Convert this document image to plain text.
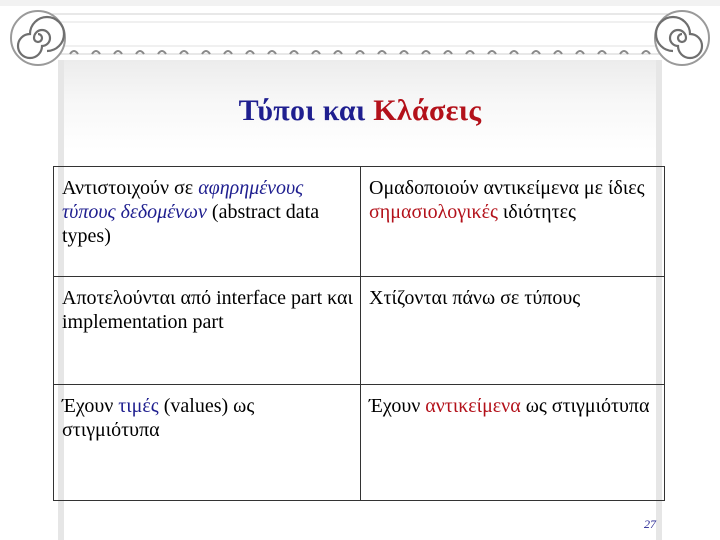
Τύποι και Κλάσεις
Αντιστοιχούν σε αφηρημένους τύπους δεδομένων (abstract data types)	Ομαδοποιούν αντικείμενα με ίδιες σημασιολογικές ιδιότητες
Αποτελούνται από interface part και implementation part	Χτίζονται πάνω σε τύπους
Έχουν τιμές (values) ως στιγμιότυπα	Έχουν αντικείμενα ως στιγμιότυπα
27
